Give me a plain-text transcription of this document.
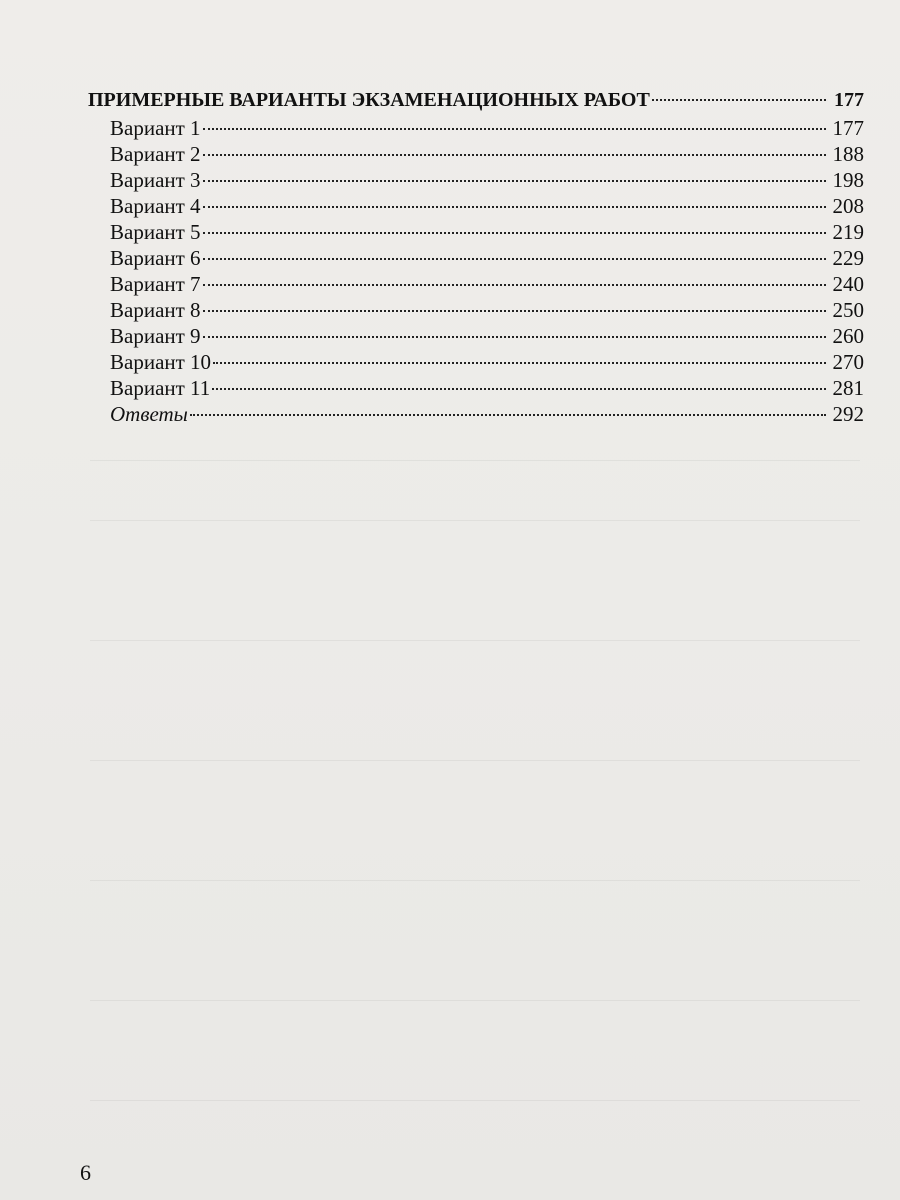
ПРИМЕРНЫЕ ВАРИАНТЫ ЭКЗАМЕНАЦИОННЫХ РАБОТ	177
Вариант 1	177
Вариант 2	188
Вариант 3	198
Вариант 4	208
Вариант 5	219
Вариант 6	229
Вариант 7	240
Вариант 8	250
Вариант 9	260
Вариант 10	270
Вариант 11	281
Ответы	292
6
